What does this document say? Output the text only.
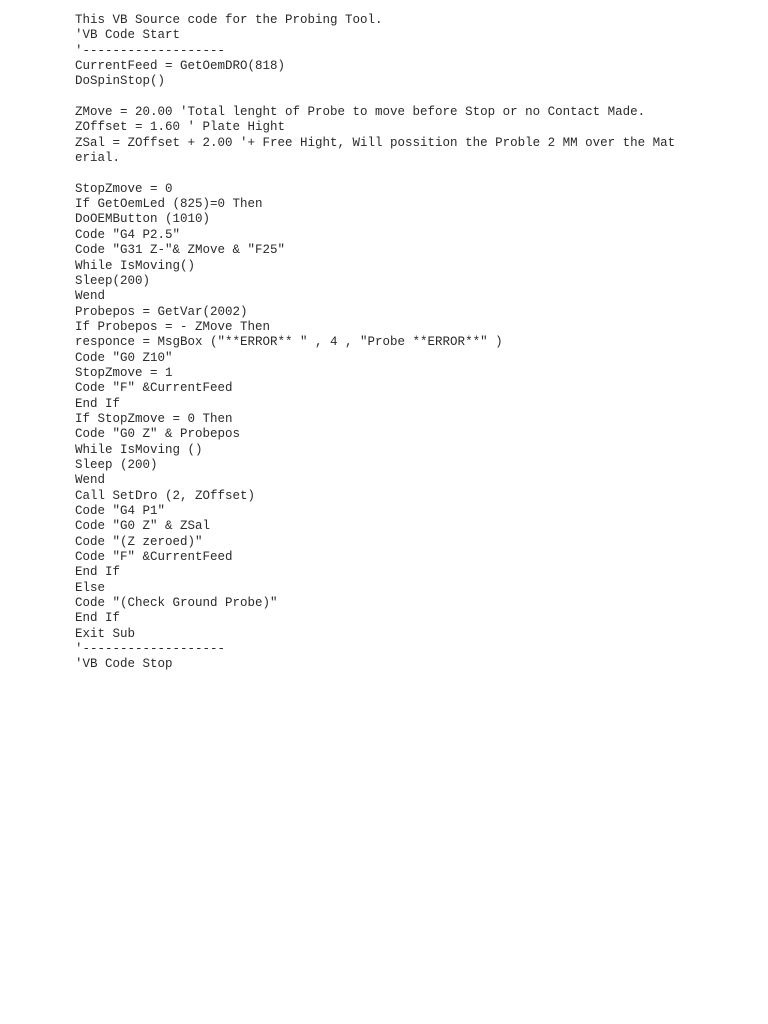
This VB Source code for the Probing Tool.
'VB Code Start
'-------------------
CurrentFeed = GetOemDRO(818)
DoSpinStop()
ZMove = 20.00 'Total lenght of Probe to move before Stop or no Contact Made.
ZOffset = 1.60 ' Plate Hight
ZSal = ZOffset + 2.00 '+ Free Hight, Will possition the Proble 2 MM over the Mat
erial.
StopZmove = 0
If GetOemLed (825)=0 Then
DoOEMButton (1010)
Code "G4 P2.5"
Code "G31 Z-"& ZMove & "F25"
While IsMoving()
Sleep(200)
Wend
Probepos = GetVar(2002)
If Probepos = - ZMove Then
responce = MsgBox ("**ERROR** " , 4 , "Probe **ERROR**" )
Code "G0 Z10"
StopZmove = 1
Code "F" &CurrentFeed
End If
If StopZmove = 0 Then
Code "G0 Z" & Probepos
While IsMoving ()
Sleep (200)
Wend
Call SetDro (2, ZOffset)
Code "G4 P1"
Code "G0 Z" & ZSal
Code "(Z zeroed)"
Code "F" &CurrentFeed
End If
Else
Code "(Check Ground Probe)"
End If
Exit Sub
'-------------------
'VB Code Stop
